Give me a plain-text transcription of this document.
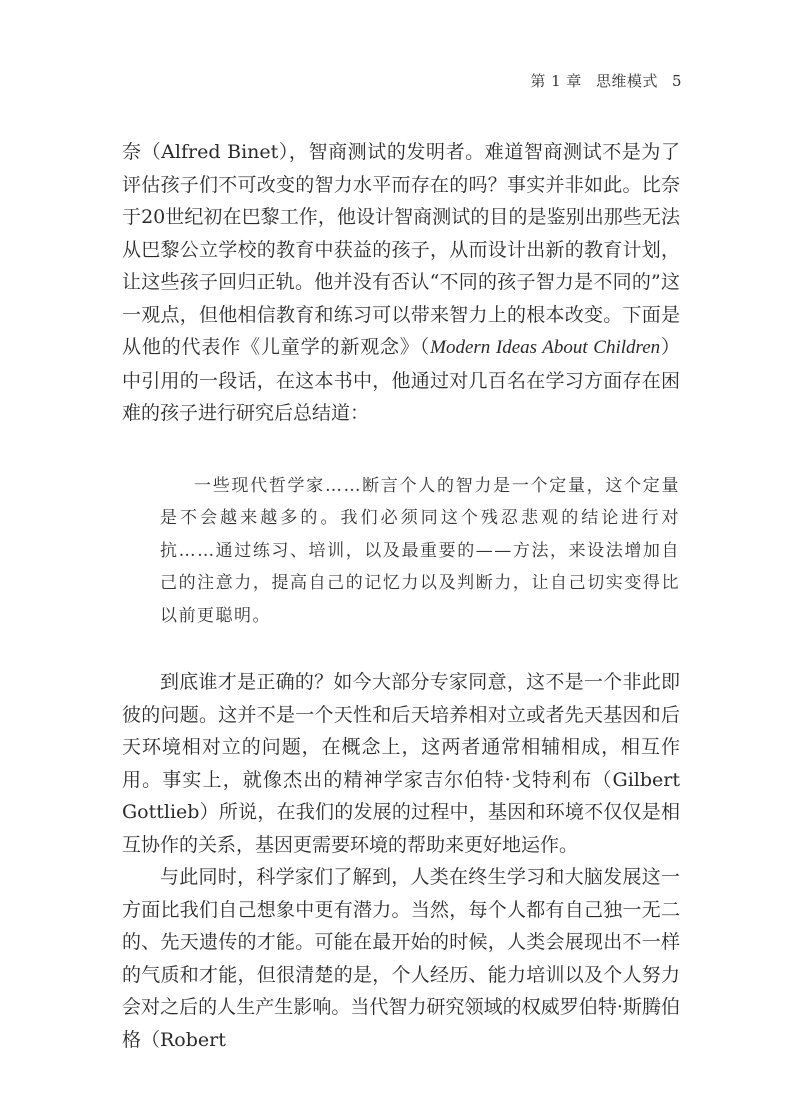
第 1 章 思维模式 5

奈（Alfred Binet），智商测试的发明者。难道智商测试不是为了评估孩子们不可改变的智力水平而存在的吗？事实并非如此。比奈于20世纪初在巴黎工作，他设计智商测试的目的是鉴别出那些无法从巴黎公立学校的教育中获益的孩子，从而设计出新的教育计划，让这些孩子回归正轨。他并没有否认“不同的孩子智力是不同的”这一观点，但他相信教育和练习可以带来智力上的根本改变。下面是从他的代表作《儿童学的新观念》（Modern Ideas About Children）中引用的一段话，在这本书中，他通过对几百名在学习方面存在困难的孩子进行研究后总结道：

一些现代哲学家……断言个人的智力是一个定量，这个定量是不会越来越多的。我们必须同这个残忍悲观的结论进行对抗……通过练习、培训，以及最重要的——方法，来设法增加自己的注意力，提高自己的记忆力以及判断力，让自己切实变得比以前更聪明。

到底谁才是正确的？如今大部分专家同意，这不是一个非此即彼的问题。这并不是一个天性和后天培养相对立或者先天基因和后天环境相对立的问题，在概念上，这两者通常相辅相成，相互作用。事实上，就像杰出的精神学家吉尔伯特·戈特利布（Gilbert Gottlieb）所说，在我们的发展的过程中，基因和环境不仅仅是相互协作的关系，基因更需要环境的帮助来更好地运作。

与此同时，科学家们了解到，人类在终生学习和大脑发展这一方面比我们自己想象中更有潜力。当然，每个人都有自己独一无二的、先天遗传的才能。可能在最开始的时候，人类会展现出不一样的气质和才能，但很清楚的是，个人经历、能力培训以及个人努力会对之后的人生产生影响。当代智力研究领域的权威罗伯特·斯腾伯格（Robert
